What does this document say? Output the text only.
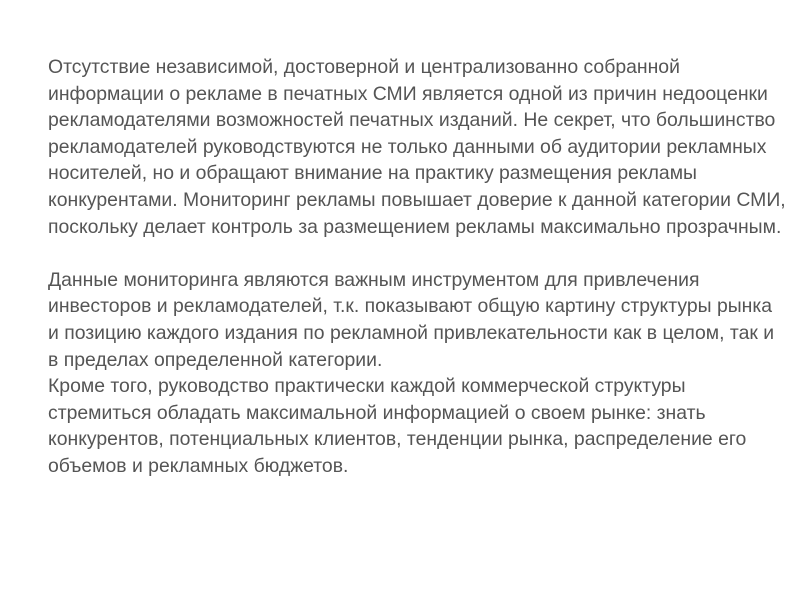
Отсутствие независимой, достоверной и централизованно собранной информации о рекламе в печатных СМИ является одной из причин недооценки рекламодателями возможностей печатных изданий. Не секрет, что большинство рекламодателей руководствуются не только данными об аудитории рекламных носителей, но и обращают внимание на практику размещения рекламы конкурентами. Мониторинг рекламы повышает доверие к данной категории СМИ, поскольку делает контроль за размещением рекламы максимально прозрачным.

Данные мониторинга являются важным инструментом для привлечения инвесторов и рекламодателей, т.к. показывают общую картину структуры рынка и позицию каждого издания по рекламной привлекательности как в целом, так и в пределах определенной категории.

Кроме того, руководство практически каждой коммерческой структуры стремиться обладать максимальной информацией о своем рынке: знать конкурентов, потенциальных клиентов, тенденции рынка, распределение его объемов и рекламных бюджетов.
